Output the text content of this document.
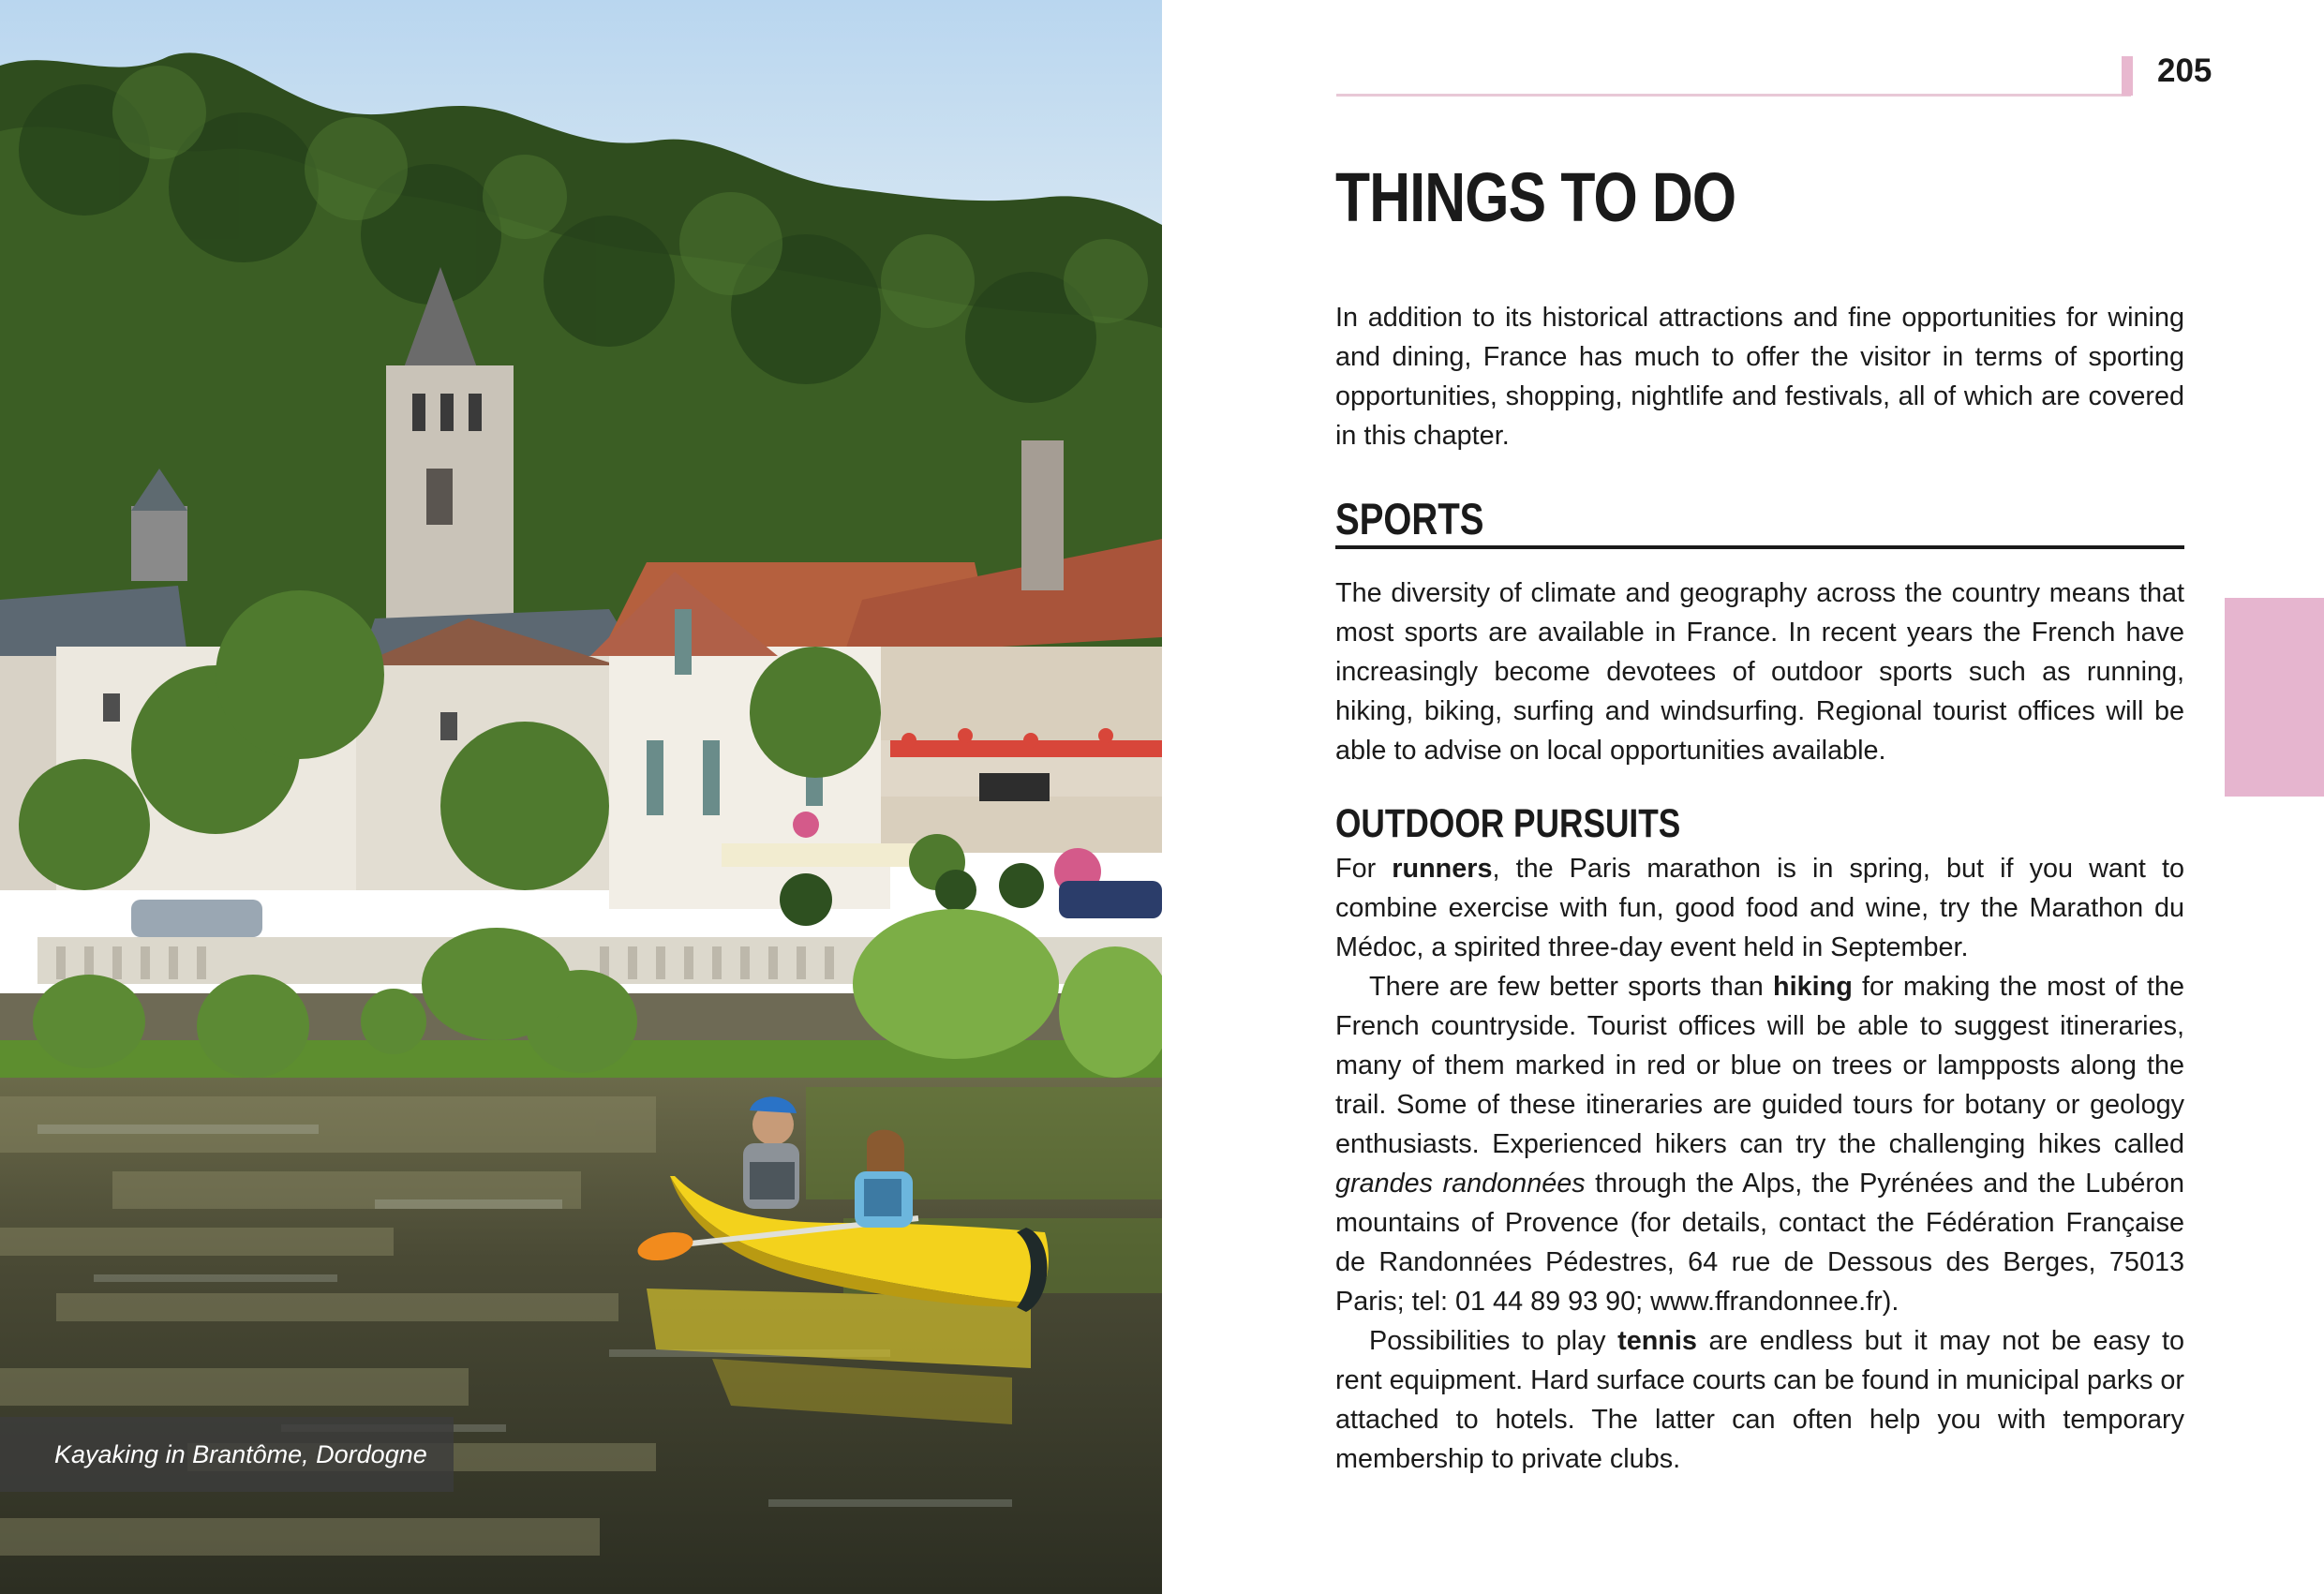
Kayaking in Brantôme, Dordogne
205
THINGS TO DO

In addition to its historical attractions and fine opportunities for wining and dining, France has much to offer the visitor in terms of sporting opportunities, shopping, nightlife and festivals, all of which are covered in this chapter.

SPORTS

The diversity of climate and geography across the country means that most sports are available in France. In recent years the French have increasingly become devotees of outdoor sports such as running, hiking, biking, surfing and windsurfing. Regional tourist offices will be able to advise on local opportunities available.

OUTDOOR PURSUITS

For runners, the Paris marathon is in spring, but if you want to combine exercise with fun, good food and wine, try the Marathon du Médoc, a spirited three-day event held in September.

There are few better sports than hiking for making the most of the French countryside. Tourist offices will be able to suggest itineraries, many of them marked in red or blue on trees or lampposts along the trail. Some of these itineraries are guided tours for botany or geology enthusiasts. Experienced hikers can try the challenging hikes called grandes randonnées through the Alps, the Pyrénées and the Lubéron mountains of Provence (for details, contact the Fédération Française de Randonnées Pédestres, 64 rue de Dessous des Berges, 75013 Paris; tel: 01 44 89 93 90; www.ffrandonnee.fr).

Possibilities to play tennis are endless but it may not be easy to rent equipment. Hard surface courts can be found in municipal parks or attached to hotels. The latter can often help you with temporary membership to private clubs.
